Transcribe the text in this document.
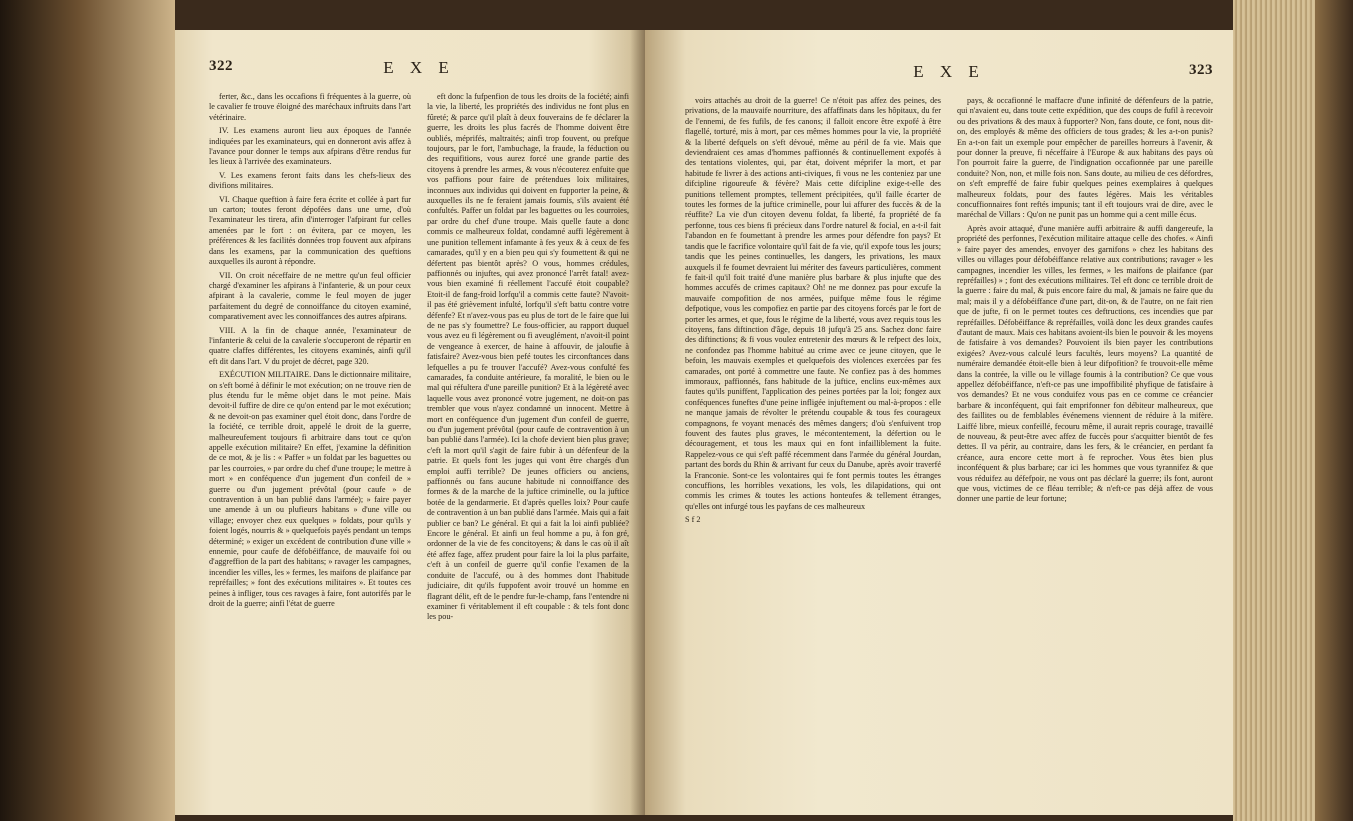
322	E X E

ferter, &c., dans les occafions fi fréquentes à la guerre, où le cavalier fe trouve éloigné des maréchaux inftruits dans l'art vétérinaire.

IV. Les examens auront lieu aux époques de l'année indiquées par les examinateurs, qui en donneront avis affez à l'avance pour donner le temps aux afpirans d'être rendus fur les lieux à l'arrivée des examinateurs.

V. Les examens feront faits dans les chefs-lieux des divifions militaires.

VI. Chaque queftion à faire fera écrite et collée à part fur un carton; toutes feront dépofées dans une urne, d'où l'examinateur les tirera, afin d'interroger l'afpirant fur celles amenées par le fort : on évitera, par ce moyen, les préférences & les facilités données trop fouvent aux afpirans dans les examens, par la communication des queftions auxquelles ils auront à répondre.

VII. On croit néceffaire de ne mettre qu'un feul officier chargé d'examiner les afpirans à l'infanterie, & un pour ceux afpirant à la cavalerie, comme le feul moyen de juger parfaitement du degré de connoiffance du citoyen examiné, comparativement avec les connoiffances des autres afpirans.

VIII. A la fin de chaque année, l'examinateur de l'infanterie & celui de la cavalerie s'occuperont de répartir en quatre claffes différentes, les citoyens examinés, ainfi qu'il eft dit dans l'art. V du projet de décret, page 320.

EXÉCUTION MILITAIRE. Dans le dictionnaire militaire, on s'eft borné à définir le mot exécution; on ne trouve rien de plus étendu fur le même objet dans le mot peine. Mais devoit-il fuffire de dire ce qu'on entend par le mot exécution; & ne devoit-on pas examiner quel étoit donc, dans l'ordre de la fociété, ce terrible droit, appelé le droit de la guerre, malheureufement toujours fi arbitraire dans tout ce qu'on appelle exécution militaire? En effet, j'examine la définition de ce mot, & je lis : « Paffer » un foldat par les baguettes ou par les courroies, » par ordre du chef d'une troupe; le mettre à mort » en conféquence d'un jugement d'un confeil de » guerre ou d'un jugement prévôtal (pour caufe » de contravention à un ban publié dans l'armée); » faire payer une amende à un ou plufieurs habitans » d'une ville ou village; envoyer chez eux quelques » foldats, pour qu'ils y foient logés, nourris & » quelquefois payés pendant un temps déterminé; » exiger un excédent de contribution d'une ville » ennemie, pour caufe de défobéiffance, de mauvaife foi ou d'aggreffion de la part des habitans; » ravager les campagnes, incendier les villes, les » fermes, les maifons de plaifance par repréfailles; » font des exécutions militaires ». Et toutes ces peines à infliger, tous ces ravages à faire, font autorifés par le droit de la guerre; ainfi l'état de guerre

eft donc la fufpenfion de tous les droits de la fociété; ainfi la vie, la liberté, les propriétés des individus ne font plus en fûreté; & parce qu'il plaît à deux fouverains de fe déclarer la guerre, les droits les plus facrés de l'homme doivent être oubliés, méprifés, maltraités; ainfi trop fouvent, ou prefque toujours, par le fort, l'ambuchage, la fraude, la féduction ou des requifitions, vous aurez forcé une grande partie des citoyens à prendre les armes, & vous n'écouterez enfuite que vos paffions pour faire de prétendues loix militaires, inconnues aux individus qui doivent en fupporter la peine, & auxquelles ils ne fe feraient jamais foumis, s'ils avaient été confultés. Paffer un foldat par les baguettes ou les courroies, par ordre du chef d'une troupe. Mais quelle faute a donc commis ce malheureux foldat, condamné auffi légèrement à une punition tellement infamante à fes yeux & à ceux de fes camarades, qu'il y en a bien peu qui s'y foumettent & qui ne défertent pas bientôt après? O vous, hommes crédules, paffionnés ou injuftes, qui avez prononcé l'arrêt fatal! avez-vous bien examiné fi réellement l'accufé étoit coupable? Etoit-il de fang-froid lorfqu'il a commis cette faute? N'avoit-il pas été grièvement infulté, lorfqu'il s'eft battu contre votre défenfe? Et n'avez-vous pas eu plus de tort de le faire que lui de ne pas s'y foumettre? Le fous-officier, au rapport duquel vous avez eu fi légèrement ou fi aveuglément, n'avoit-il point de vengeance à exercer, de haine à affouvir, de jaloufie à fatisfaire? Avez-vous bien pefé toutes les circonftances dans lefquelles a pu fe trouver l'accufé? Avez-vous confulté fes camarades, fa conduite antérieure, fa moralité, le bien ou le mal qui réfultera d'une pareille punition? Et à la légèreté avec laquelle vous avez prononcé votre jugement, ne doit-on pas trembler que vous n'ayez condamné un innocent. Mettre à mort en conféquence d'un jugement d'un confeil de guerre, ou d'un jugement prévôtal (pour caufe de contravention à un ban publié dans l'armée). Ici la chofe devient bien plus grave; c'eft la mort qu'il s'agit de faire fubir à un défenfeur de la patrie. Et quels font les juges qui vont être chargés d'un emploi auffi terrible? De jeunes officiers ou anciens, paffionnés ou fans aucune habitude ni connoiffance des formes & de la marche de la juftice criminelle, ou la juftice botée de la gendarmerie. Et d'après quelles loix? Pour caufe de contravention à un ban publié dans l'armée. Mais qui a fait publier ce ban? Le général. Et qui a fait la loi ainfi publiée? Encore le général. Et ainfi un feul homme a pu, à fon gré, ordonner de la vie de fes concitoyens; & dans le cas où il aît été affez fage, affez prudent pour faire la loi la plus parfaite, c'eft à un confeil de guerre qu'il confie l'examen de la conduite de l'accufé, ou à des hommes dont l'habitude judiciaire, dit qu'ils fuppofent avoir trouvé un homme en flagrant délit, eft de le pendre fur-le-champ, fans l'entendre ni examiner fi véritablement il eft coupable : & tels font donc les pou-

E X E	323

voirs attachés au droit de la guerre! Ce n'étoit pas affez des peines, des privations, de la mauvaife nourriture, des affaffinats dans les hôpitaux, du fer de l'ennemi, de fes fufils, de fes canons; il falloit encore être expofé à être flagellé, torturé, mis à mort, par ces mêmes hommes pour la vie, la propriété & la liberté defquels on s'eft dévoué, même au péril de fa vie. Mais que deviendraient ces amas d'hommes paffionnés & continuellement expofés à des tentations violentes, qui, par état, doivent méprifer la mort, et par habitude fe livrer à des actions anti-civiques, fi vous ne les conteniez par une difcipline rigoureufe & févère? Mais cette difcipline exige-t-elle des punitions tellement promptes, tellement précipitées, qu'il faille écarter de toutes les formes de la juftice criminelle, pour lui affurer des fuccès & de la réuffite? La vie d'un citoyen devenu foldat, fa liberté, fa propriété de fa perfonne, tous ces biens fi précieux dans l'ordre naturel & focial, en a-t-il fait l'abandon en fe foumettant à prendre les armes pour défendre fon pays? Et tandis que le facrifice volontaire qu'il fait de fa vie, qu'il expofe tous les jours; tandis que les peines continuelles, les dangers, les privations, les maux auxquels il fe foumet devraient lui mériter des faveurs particulières, comment fe fait-il qu'il foit traité d'une manière plus barbare & plus injufte que des hommes accufés de crimes capitaux? Oh! ne me donnez pas pour excufe la mauvaife compofition de nos armées, puifque même fous le régime defpotique, vous les compofiez en partie par des citoyens forcés par le fort de porter les armes, et que, fous le régime de la liberté, vous avez requis tous les citoyens, fans diftinction d'âge, depuis 18 jufqu'à 25 ans. Sachez donc faire des diftinctions; & fi vous voulez entretenir des mœurs & le refpect des loix, ne confondez pas l'homme habitué au crime avec ce jeune citoyen, que le befoin, les mauvais exemples et quelquefois des violences exercées par fes camarades, ont porté à commettre une faute. Ne confiez pas à des hommes immoraux, paffionnés, fans habitude de la juftice, enclins eux-mêmes aux fautes qu'ils puniffent, l'application des peines portées par la loi; fongez aux conféquences funeftes d'une peine infligée injuftement ou mal-à-propos : elle ne manque jamais de révolter le prétendu coupable & tous fes courageux compagnons, fe voyant menacés des mêmes dangers; d'où s'enfuivent trop fouvent des fautes plus graves, le mécontentement, la défertion ou le découragement, et tous les maux qui en font infailliblement la fuite. Rappelez-vous ce qui s'eft paffé récemment dans l'armée du général Jourdan, partant des bords du Rhin & arrivant fur ceux du Danube, après avoir traverfé la Franconie. Sont-ce les volontaires qui fe font permis toutes les étranges concuffions, les horribles vexations, les vols, les dilapidations, qui ont commis les crimes & toutes les actions honteufes & tellement étranges, qu'elles ont infurgé tous les payfans de ces malheureux

pays, & occafionné le maffacre d'une infinité de défenfeurs de la patrie, qui n'avaient eu, dans toute cette expédition, que des coups de fufil à recevoir ou des privations & des maux à fupporter? Non, fans doute, ce font, nous dit-on, des employés & même des officiers de tous grades; & les a-t-on punis? En a-t-on fait un exemple pour empêcher de pareilles horreurs à l'avenir, & pour donner la preuve, fi néceffaire à l'Europe & aux habitans des pays où l'on pourroit faire la guerre, de l'indignation occafionnée par une pareille conduite? Non, non, et mille fois non. Sans doute, au milieu de ces défordres, on s'eft empreffé de faire fubir quelques peines exemplaires à quelques malheureux foldats, pour des fautes légères. Mais les véritables concuffionnaires font reftés impunis; tant il eft toujours vrai de dire, avec le maréchal de Villars : Qu'on ne punit pas un homme qui a cent mille écus.

Après avoir attaqué, d'une manière auffi arbitraire & auffi dangereufe, la propriété des perfonnes, l'exécution militaire attaque celle des chofes. « Ainfi » faire payer des amendes, envoyer des garnifons » chez les habitans des villes ou villages pour défobéiffance relative aux contributions; ravager » les campagnes, incendier les villes, les fermes, » les maifons de plaifance (par repréfailles) » ; font des exécutions militaires. Tel eft donc ce terrible droit de la guerre : faire du mal, & puis encore faire du mal, & jamais ne faire que du mal; mais il y a défobéiffance d'une part, dit-on, & de l'autre, on ne fait rien que de jufte, fi on le permet toutes ces deftructions, ces incendies que par repréfailles. Défobéiffance & repréfailles, voilà donc les deux grandes caufes d'autant de maux. Mais ces habitans avoient-ils bien le pouvoir & les moyens de fatisfaire à vos demandes? Pouvoient ils bien payer les contributions exigées? Avez-vous calculé leurs facultés, leurs moyens? La quantité de numéraire demandée étoit-elle bien à leur difpofition? fe trouvoit-elle même dans la contrée, la ville ou le village foumis à la contribution? Ce que vous appellez défobéiffance, n'eft-ce pas une impoffibilité phyfique de fatisfaire à vos demandes? Et ne vous conduifez vous pas en ce comme ce créancier barbare & inconféquent, qui fait emprifonner fon débiteur malheureux, que des faillites ou de femblables événemens viennent de réduire à la mifère. Laiffé libre, mieux confeillé, fecouru même, il aurait repris courage, travaillé de nouveau, & peut-être avec affez de fuccès pour s'acquitter bientôt de fes dettes. Il va périr, au contraire, dans les fers, & le créancier, en perdant fa créance, aura encore cette mort à fe reprocher. Vous êtes bien plus inconféquent & plus barbare; car ici les hommes que vous tyrannifez & que vous réduifez au défefpoir, ne vous ont pas déclaré la guerre; ils font, auront que vous, victimes de ce fléau terrible; & n'eft-ce pas déjà affez de vous donner une partie de leur fortune;

S f 2
